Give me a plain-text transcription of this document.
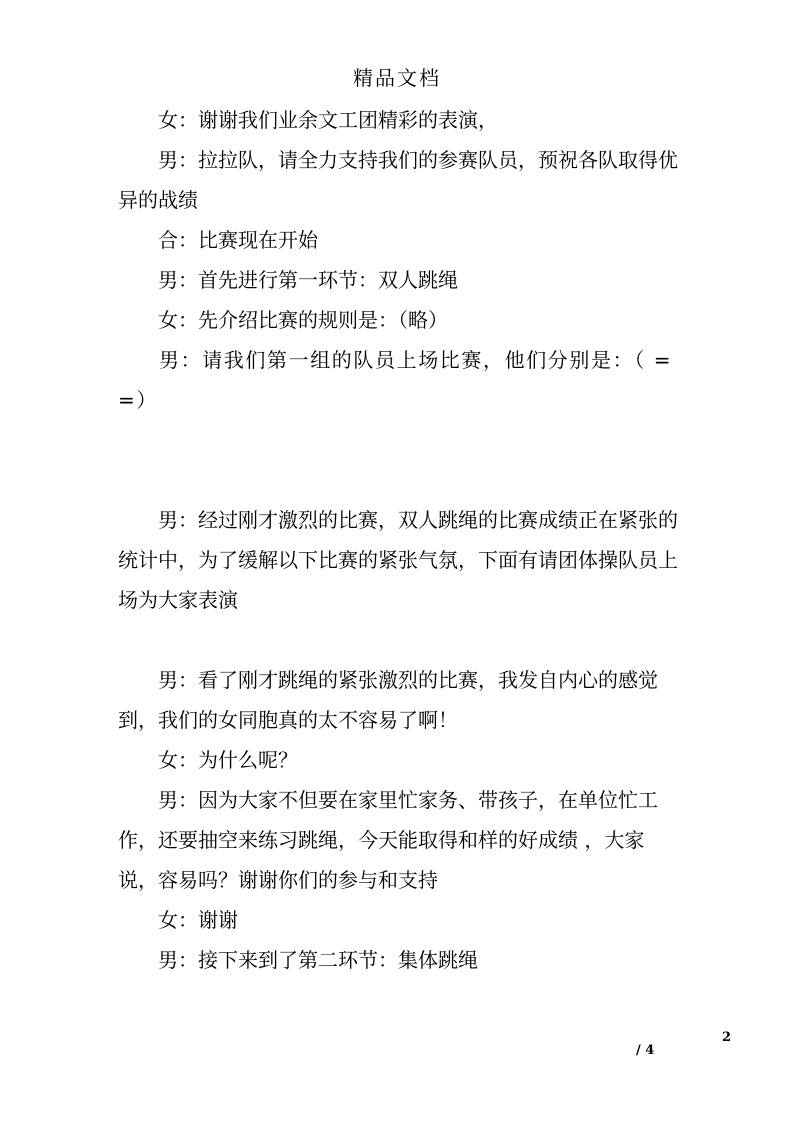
精品文档

女：谢谢我们业余文工团精彩的表演，

男：拉拉队，请全力支持我们的参赛队员，预祝各队取得优异的战绩

合：比赛现在开始

男：首先进行第一环节：双人跳绳

女：先介绍比赛的规则是：（略）

男：请我们第一组的队员上场比赛，他们分别是：（ ==）

男：经过刚才激烈的比赛，双人跳绳的比赛成绩正在紧张的统计中，为了缓解以下比赛的紧张气氛，下面有请团体操队员上场为大家表演

男：看了刚才跳绳的紧张激烈的比赛，我发自内心的感觉到，我们的女同胞真的太不容易了啊！

女：为什么呢？

男：因为大家不但要在家里忙家务、带孩子，在单位忙工作，还要抽空来练习跳绳，今天能取得和样的好成绩 ，大家说，容易吗？谢谢你们的参与和支持

女：谢谢

男：接下来到了第二环节：集体跳绳

2
/ 4
